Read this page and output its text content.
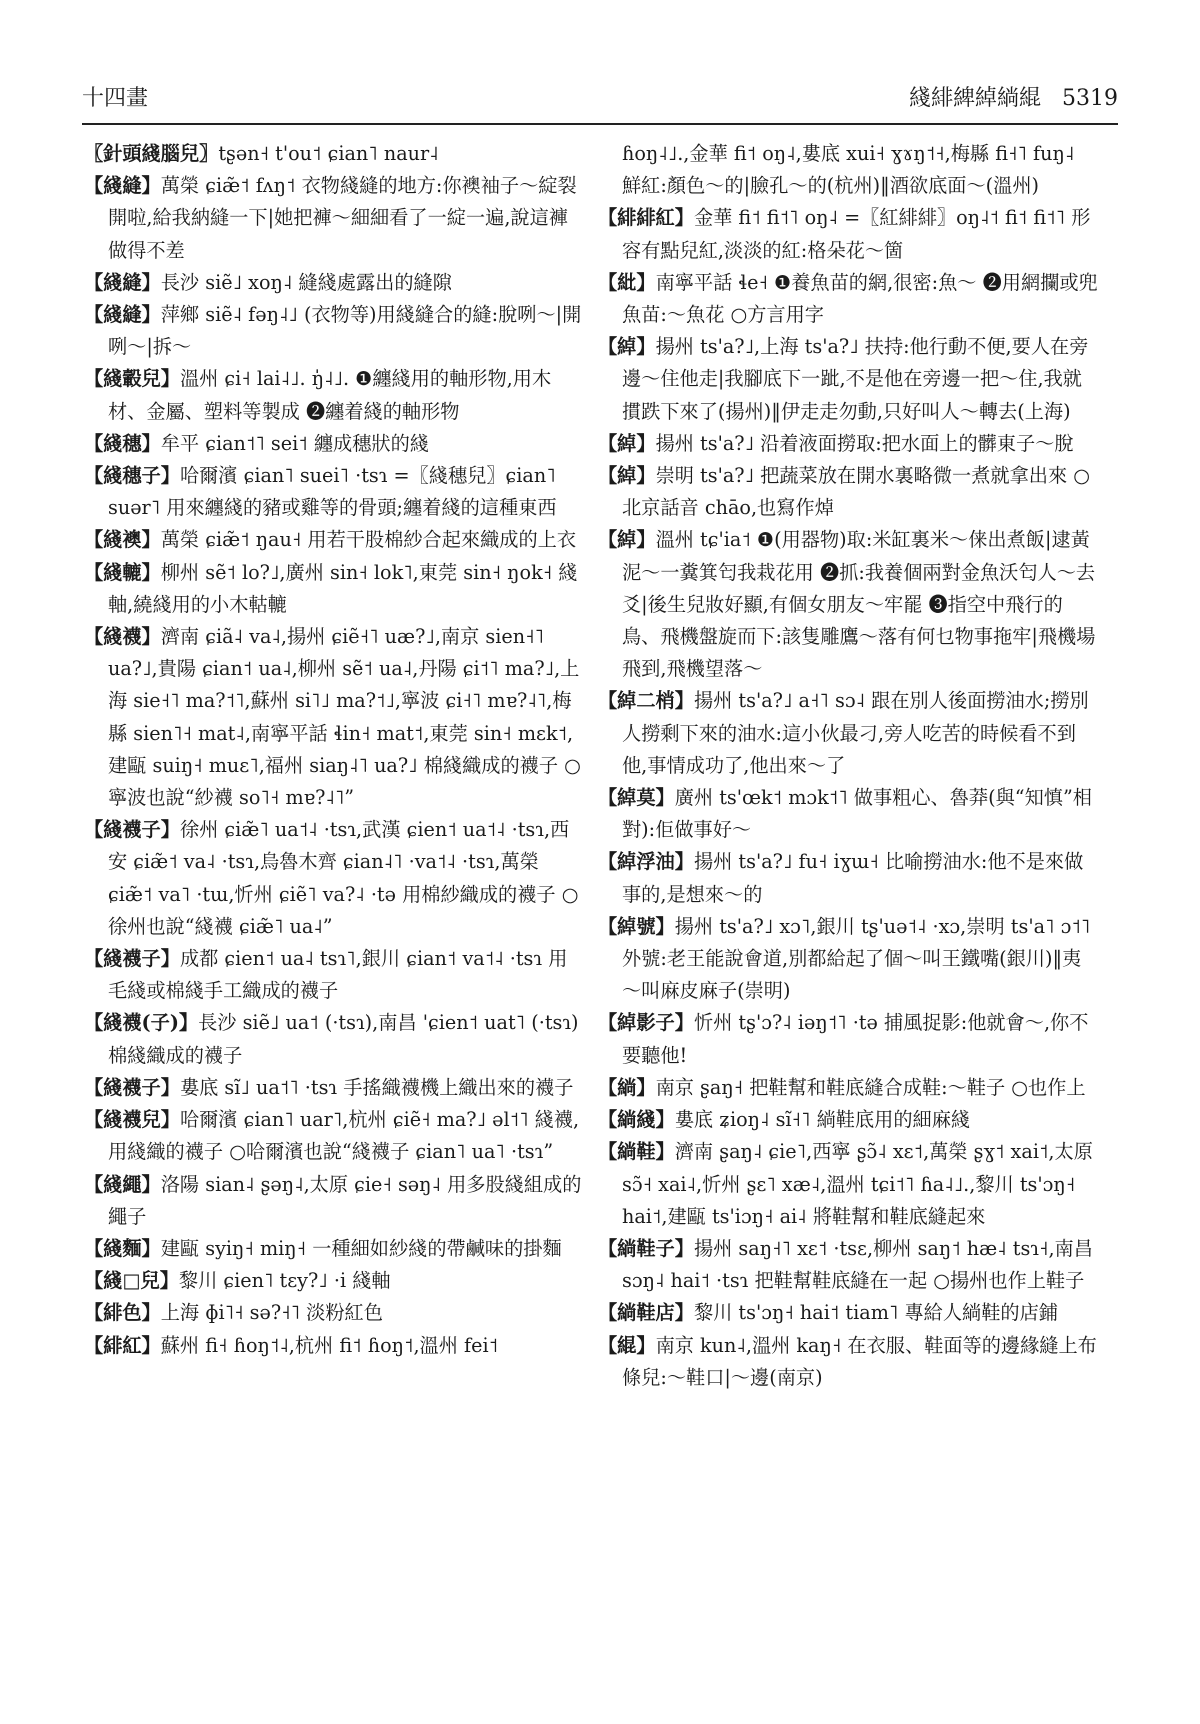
十四畫	綫緋綼綽緔緄 5319

〖針頭綫腦兒〗tʂən˧ t'ou˦ ɕian˥ naur˨

【綫縫】萬榮 ɕiæ̃˦ fʌŋ˦ 衣物綫縫的地方:你襖袖子～綻裂開啦,給我納縫一下|她把褲～細細看了一綻一遍,說這褲做得不差

【綫縫】長沙 siẽ˩ xoŋ˨ 縫綫處露出的縫隙

【綫縫】萍鄉 siẽ˨ fəŋ˨˩ (衣物等)用綫縫合的縫:脫咧～|開咧～|拆～

【綫轂兒】溫州 ɕi˧ lai˨˩. ŋ̍˨˩. ❶纏綫用的軸形物,用木材、金屬、塑料等製成 ❷纏着綫的軸形物

【綫穗】牟平 ɕian˦˥ sei˦ 纏成穗狀的綫

【綫穗子】哈爾濱 ɕian˥ suei˥ ·tsɿ =〖綫穗兒〗ɕian˥ suər˥ 用來纏綫的豬或雞等的骨頭;纏着綫的這種東西

【綫襖】萬榮 ɕiæ̃˦ ŋau˧ 用若干股棉紗合起來織成的上衣

【綫轆】柳州 sẽ˦ lo?˩,廣州 sin˧ lok˥,東莞 sin˧ ŋok˧ 綫軸,繞綫用的小木軲轆

【綫襪】濟南 ɕiã˨ va˨,揚州 ɕiẽ˧˥ uæ?˩,南京 sien˧˥ ua?˩,貴陽 ɕian˦ ua˨,柳州 sẽ˦ ua˨,丹陽 ɕi˦˥ ma?˩,上海 sie˧˥ ma?˦˥,蘇州 si˥˩ ma?˦˩,寧波 ɕi˧˥ mɐ?˨˥,梅縣 sien˥˧ mat˨,南寧平話 ɬin˧ mat˦,東莞 sin˧ mɛk˦,建甌 suiŋ˧ muɛ˥,福州 siaŋ˨˥ ua?˩ 棉綫織成的襪子 ○寧波也說“紗襪 so˥˧ mɐ?˨˥”

【綫襪子】徐州 ɕiæ̃˥ ua˦˨ ·tsɿ,武漢 ɕien˦ ua˦˨ ·tsɿ,西安 ɕiæ̃˦ va˨ ·tsɿ,烏魯木齊 ɕian˨˥ ·va˦˨ ·tsɿ,萬榮 ɕiæ̃˦ va˥ ·tɯ,忻州 ɕiẽ˥ va?˨ ·tə 用棉紗織成的襪子 ○徐州也說“綫襪 ɕiæ̃˥ ua˨”

【綫襪子】成都 ɕien˦ ua˨ tsɿ˥,銀川 ɕian˦ va˦˨ ·tsɿ 用毛綫或棉綫手工織成的襪子

【綫襪(子)】長沙 siẽ˩ ua˦ (·tsɿ),南昌 'ɕien˦ uat˥ (·tsɿ) 棉綫織成的襪子

【綫襪子】婁底 sĩ˩ ua˦˥ ·tsɿ 手搖織襪機上織出來的襪子

【綫襪兒】哈爾濱 ɕian˥ uar˥,杭州 ɕiẽ˧ ma?˩ əl˦˥ 綫襪,用綫織的襪子 ○哈爾濱也說“綫襪子 ɕian˥ ua˥ ·tsɿ”

【綫繩】洛陽 sian˨ ʂəŋ˨,太原 ɕie˧ səŋ˨ 用多股綫組成的繩子

【綫麵】建甌 syiŋ˧ miŋ˧ 一種細如紗綫的帶鹹味的掛麵

【綫□兒】黎川 ɕien˥ tɛy?˩ ·i 綫軸

【緋色】上海 ɸi˥˧ sə?˧˥ 淡粉紅色

【緋紅】蘇州 fi˧ ɦoŋ˦˨,杭州 fi˦ ɦoŋ˦,溫州 fei˦

ɦoŋ˨˩.,金華 fi˦ oŋ˨,婁底 xui˧ ɣɤŋ˦˧,梅縣 fi˧˥ fuŋ˨ 鮮紅:顏色～的|臉孔～的(杭州)‖酒欲底面～(溫州)

【緋緋紅】金華 fi˦ fi˦˥ oŋ˨ =〖紅緋緋〗oŋ˨˦ fi˦ fi˦˥ 形容有點兒紅,淡淡的紅:格朵花～箇

【紕】南寧平話 ɬe˧ ❶養魚苗的網,很密:魚～ ❷用網攔或兜魚苗:～魚花 ○方言用字

【綽】揚州 ts'a?˩,上海 ts'a?˩ 扶持:他行動不便,要人在旁邊～住他走|我腳底下一跐,不是他在旁邊一把～住,我就摜跌下來了(揚州)‖伊走走勿動,只好叫人～轉去(上海)

【綽】揚州 ts'a?˩ 沿着液面撈取:把水面上的髒東子～脫

【綽】崇明 ts'a?˩ 把蔬菜放在開水裏略微一煮就拿出來 ○北京話音 chāo,也寫作焯

【綽】溫州 tɕ'ia˦ ❶(用器物)取:米缸裏米～俫出煮飯|逮黃泥～一糞箕匄我栽花用 ❷抓:我養個兩對金魚沃匄人～去爻|後生兒妝好顯,有個女朋友～牢罷 ❸指空中飛行的鳥、飛機盤旋而下:該隻雕鷹～落有何乜物事拖牢|飛機場飛到,飛機望落～

【綽二梢】揚州 ts'a?˩ a˧˥ sɔ˨ 跟在別人後面撈油水;撈別人撈剩下來的油水:這小伙最刁,旁人吃苦的時候看不到他,事情成功了,他出來～了

【綽莫】廣州 ts'œk˦ mɔk˦˥ 做事粗心、魯莽(與“知慎”相對):佢做事好～

【綽浮油】揚州 ts'a?˩ fu˧ iɣɯ˧ 比喻撈油水:他不是來做事的,是想來～的

【綽號】揚州 ts'a?˩ xɔ˥,銀川 tʂ'uə˦˨ ·xɔ,崇明 ts'a˥ ɔ˦˥ 外號:老王能說會道,別都給起了個～叫王鐵嘴(銀川)‖夷～叫麻皮麻子(崇明)

【綽影子】忻州 tʂ'ɔ?˨ iəŋ˦˥ ·tə 捕風捉影:他就會～,你不要聽他!

【緔】南京 ʂaŋ˧ 把鞋幫和鞋底縫合成鞋:～鞋子 ○也作上

【緔綫】婁底 ʑioŋ˨ sĩ˧˥ 緔鞋底用的細麻綫

【緔鞋】濟南 ʂaŋ˨ ɕie˥,西寧 ʂɔ̃˨ xɛ˦,萬榮 ʂɣ˦ xai˦,太原 sɔ̃˧ xai˨,忻州 ʂɛ˥ xæ˨,溫州 tɕi˦˥ ɦa˨˩.,黎川 ts'ɔŋ˧ hai˦,建甌 ts'iɔŋ˧ ai˨ 將鞋幫和鞋底縫起來

【緔鞋子】揚州 saŋ˧˥ xɛ˦ ·tsɛ,柳州 saŋ˦ hæ˨ tsɿ˧,南昌 sɔŋ˨ hai˦ ·tsɿ 把鞋幫鞋底縫在一起 ○揚州也作上鞋子

【緔鞋店】黎川 ts'ɔŋ˧ hai˦ tiam˥ 專給人緔鞋的店鋪

【緄】南京 kun˨,溫州 kaŋ˧ 在衣服、鞋面等的邊緣縫上布條兒:～鞋口|～邊(南京)
